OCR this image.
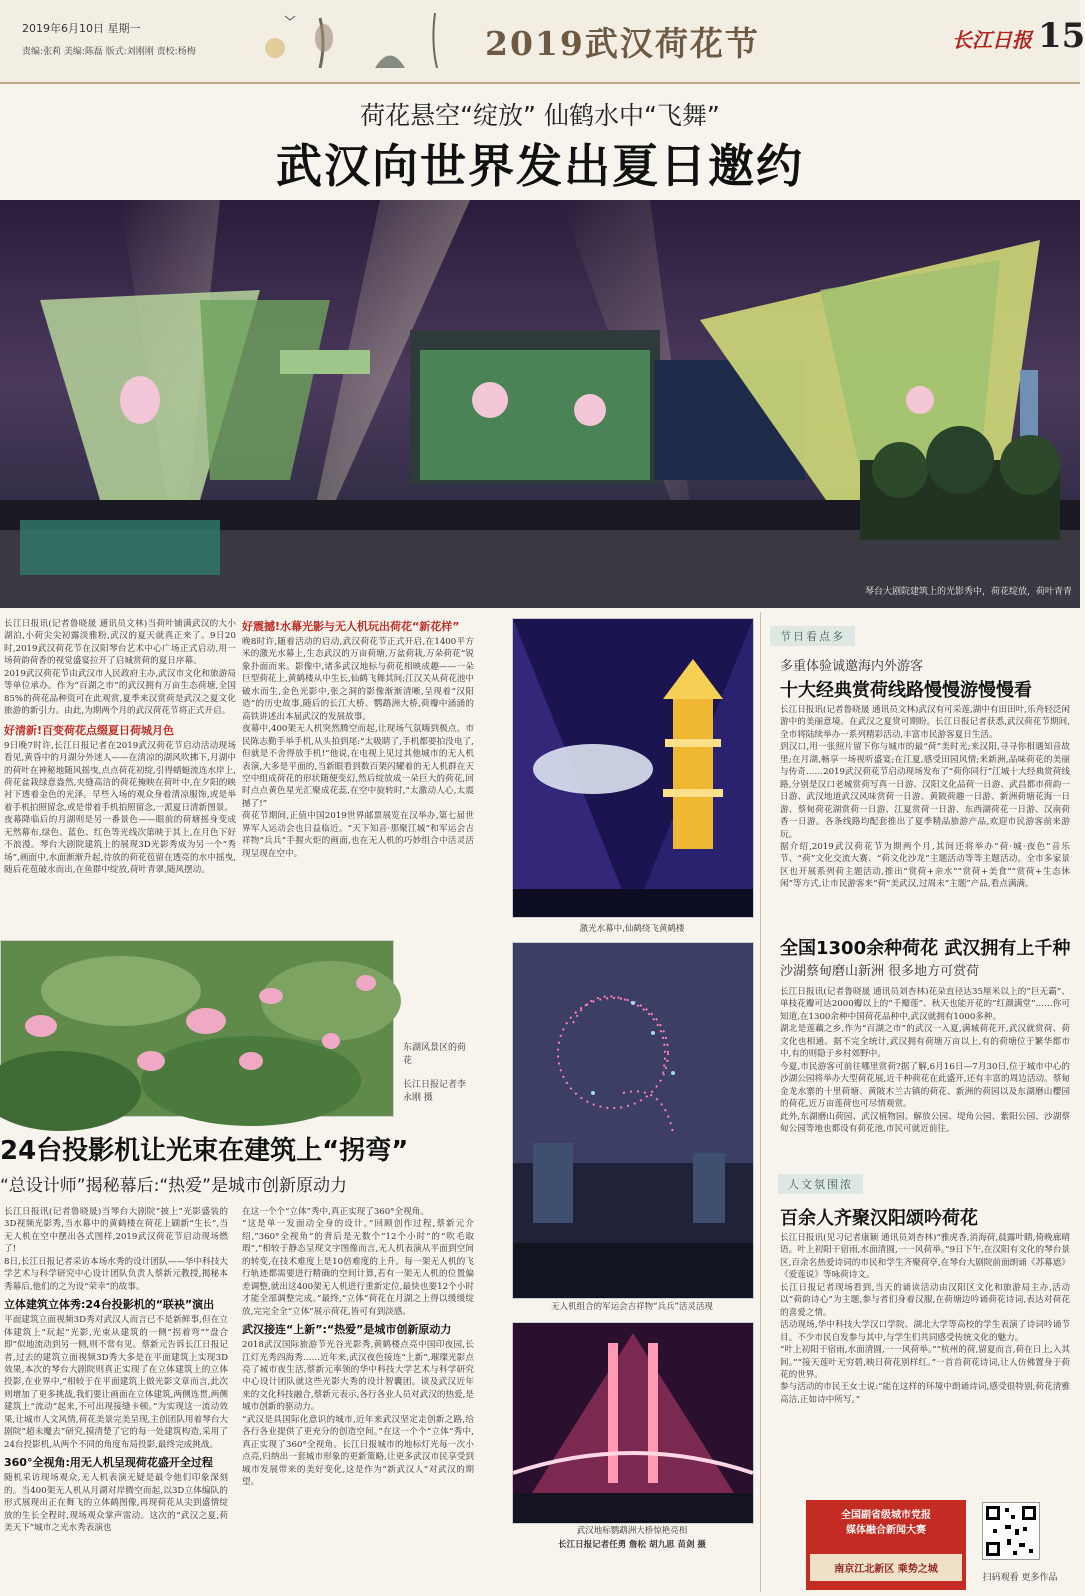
2019年6月10日 星期一
责编:张莉 美编:陈磊 版式:刘刚刚 责校:杨梅	2019武汉荷花节	长江日报 15
荷花悬空“绽放” 仙鹤水中“飞舞”
武汉向世界发出夏日邀约
琴台大剧院建筑上的光影秀中，荷花绽放，荷叶青青
长江日报讯(记者鲁晓晟 通讯员文林)当荷叶铺满武汉的大小湖泊,小荷尖尖初露淡雅粉,武汉的夏天就真正来了。9日20时,2019武汉荷花节在汉阳琴台艺术中心广场正式启动,用一场荷韵荷香的视觉盛宴拉开了启城赏荷的夏日序幕。
2019武汉荷花节由武汉市人民政府主办,武汉市文化和旅游局等单位承办。作为“百湖之市”的武汉拥有万亩生态荷塘,全国85%的荷花品种资可在此观赏,夏季来汉赏荷是武汉之夏文化旅游的新引力。由此,为期两个月的武汉荷花节将正式开启。
好清新!百变荷花点缀夏日荷城月色
9日晚7时许,长江日报记者在2019武汉荷花节启动活动现场看见,黄昏中的月湖分外迷人——在清凉的湖风吹拂下,月湖中的荷叶在神秘地随风摇曳,点点荷花初绽,引得蜻蜓流连水岸上,荷花盆栽绿意盎然,夹缝高洁的荷花掩映在荷叶中,在夕阳的映衬下透着金色的光泽。早些入场的观众身着清凉服饰,或是举着手机拍照留念,或是带着手机拍照留念,一派夏日清新图景。
夜幕降临后的月湖则是另一番景色——眼前的荷塘摇身变成无然幕布,绿色、蓝色、红色等光线次第映于其上,在月色下好不浪漫。琴台大剧院建筑上的展现3D光影秀成为另一个“秀场”,画面中,水面渐渐升起,待放的荷花苞留在透亮的水中摇曳,随后花苞破水而出,在鱼群中绽放,荷叶青翠,随风摆动。
好震撼!水幕光影与无人机玩出荷花“新花样”
晚8时许,随着活动的启动,武汉荷花节正式开启,在1400平方米的激光水幕上,生态武汉的万亩荷塘,万盆荷栽,万朵荷花“锐象扑面而来。影像中,诸多武汉地标与荷花相映成趣——一朵巨型荷花上,黄鹤楼从中生长,仙鹤飞舞其间;江汉关从荷花池中破水而生,金色光影中,张之洞的影像渐渐清晰,呈现着“汉阳造”的历史故事,随后的长江大桥、鹦鹉洲大桥,荷瓣中涌涌的高铁讲述出本届武汉的发展故事。
夜幕中,400架无人机突然腾空而起,让现场气氛嗨到极点。市民陈志勤手举手机,从头拍到尾:“太吸睛了,手机都要拍没电了,但就是不舍得放手机!”他说,在电视上见过其他城市的无人机表演,大多是平面的,当新眼看到数百架闪耀着的无人机群在天空中组成荷花的形状随便变幻,然后绽放成一朵巨大的荷花,回时点点黄色星光汇聚成花蕊,在空中旋转时,“太激动人心,太震撼了!”
荷花节期间,正值中国2019世界邮票展览在汉举办,第七届世界军人运动会也日益临近。“天下知音·那聚江城”和军运会吉祥物“兵兵”手握火炬的画面,也在无人机的巧妙组合中活灵活现呈现在空中。
东湖风景区的荷花
长江日报记者李永刚 摄
24台投影机让光束在建筑上“拐弯”
“总设计师”揭秘幕后:“热爱”是城市创新原动力
长江日报讯(记者鲁晓晟)当琴台大剧院“披上”光影盛装的3D视频光影秀,当水幕中的黄鹤楼在荷花上刷新“生长”,当无人机在空中摆出各式图样,2019武汉荷花节启动现场燃了!
8日,长江日报记者采访本场水秀的设计团队——华中科技大学艺术与科学研究中心设计团队负责人蔡新元教授,揭秘本秀幕后,他们的之为设“荣幸”的故事。
立体建筑立体秀:24台投影机的“联袂”演出
平面建筑立面视频3D秀对武汉人而言已不是新鲜事,但在立体建筑上“玩起”光影,光束从建筑的一侧“拐着弯”“盘合即”似地流动到另一侧,则不常有见。蔡新元告诉长江日报记者,过去的建筑立面视频3D秀大多是在平面建筑上实现3D效果,本次的琴台大剧院则真正实现了在立体建筑上的立体投影,在业界中,“相较于在平面建筑上做光影文章而言,此次则增加了更多挑战,我们要让画面在立体建筑,两侧连贯,两侧建筑上“流动”起来,不可出现接缝卡顿。”为实现这一流动效果,让城市人文风情,荷花美景完美呈现,主创团队用着琴台大剧院“超未魔去”研究,摸清楚了它的每一处建筑构造,采用了24台投影机,从两个不同的角度布局投影,最终完成挑战。
360°全视角:用无人机呈现荷花盛开全过程
随机采访现场观众,无人机表演无疑是最令他们印象深刻的。当400架无人机从月湖对岸腾空而起,以3D立体编队的形式展现出正在舞飞的立体鹤图像,再现荷花从尖到盛情绽放的生长全程时,现场观众掌声雷动。这次的“武汉之夏,荷美天下”城市之光水秀表演也
在这一个个“立体”秀中,真正实现了360°全视角。
“这是单一发面动全身的设计。”回顾创作过程,蔡新元介绍,“360°全视角”的背后是无数个“12个小时”的“吹毛取瑕”,“相较于静态呈现文字图像而言,无人机表演从平面到空间的转变,在技术难度上是10倍难度的上升。每一架无人机的飞行轨迹都需要进行精确的空间计算,若有一架无人机的位置偏差调整,就出这400架无人机进行重新定位,最快也要12个小时才能全部调整完成。”最终,“立体”荷花在月湖之上得以缓缓绽放,完完全全“立体”展示荷花,皆可有到淡感。
武汉接连“上新”:“热爱”是城市创新原动力
2018武汉国际旅游节光谷光影秀,黄鹤楼点亮中国印夜园,长江灯光秀四海秀……近年来,武汉夜色接连“上新”,璀璨光影点亮了城市夜生活,蔡新元率领的华中科技大学艺术与科学研究中心设计团队就这些光影大秀的设计智囊团。谈及武汉近年来的文化科技融合,蔡新元表示,各行各业人员对武汉的热爱,是城市创新的驱动力。
“武汉是具国际化意识的城市,近年来武汉坚定走创新之路,给各行各业提供了更充分的创造空间。”在这一个个“立体”秀中,真正实现了360°全视角。长江日报城市的地标灯光每一次小点亮,归纳出一套城市形象的更新策略,让更多武汉市民享受到城市发展带来的美好变化,这是作为“新武汉人”对武汉的期望。
激光水幕中,仙鹤绕飞黄鹤楼
无人机组合的军运会吉祥物“兵兵”活灵活现
武汉地标鹦鹉洲大桥惊艳亮相
长江日报记者任勇 詹松 胡九思 苗剑 摄
节日看点多
多重体验诚邀海内外游客
十大经典赏荷线路慢慢游慢慢看
长江日报讯(记者鲁晓晟 通讯员文林)武汉有可采莲,湖中有田田叶,乐舟轻泛闲游中的美丽意境。在武汉之夏赏可期盼。长江日报记者获悉,武汉荷花节期间,全市将陆续举办一系列精彩活动,丰富市民游客夏日生活。
到汉口,用一张照片留下你与城市的最“荷”美时光;来汉阳,寻寻你相遇知音故里;在月湖,畅享一场视听盛宴;在江夏,感受田园风情;来新洲,品味荷花的美丽与传奇……2019武汉荷花节启动现场发布了“荷你同行”江城十大经典赏荷线路,分别是汉口老城赏荷写真一日游、汉阳文化品荷一日游、武昌都市荷韵一日游、武汉地道武汉风味赏荷一日游、黄陂荷趣一日游、新洲荷塘花海一日游、蔡甸荷花湖赏荷一日游、江夏赏荷一日游、东西湖荷花一日游、汉南荷香一日游。各条线路均配套推出了夏季精品旅游产品,欢迎市民游客前来游玩。
据介绍,2019武汉荷花节为期两个月,其间还将举办“荷·城·夜色”音乐节、“荷”文化交流大赛、“荷文化沙龙”主题活动等等主题活动。全市多家景区也开展系列荷主题活动,推出“赏荷+亲水”“赏荷+美食”“赏荷+生态休闲”等方式,让市民游客来“荷”美武汉,过周末“主题”产品,看点满满。
全国1300余种荷花 武汉拥有上千种
沙湖蔡甸磨山新洲 很多地方可赏荷
长江日报讯(记者鲁晓晟 通讯员刘杏林)花朵直径达35厘米以上的“巨无霸”、单枝花瓣可达2000瓣以上的“千瓣莲”、秋天也能开花的“红颜满堂”……你可知道,在1300余种中国荷花品种中,武汉就拥有1000多种。
湖北是莲藕之乡,作为“百湖之市”的武汉一入夏,满城荷花开,武汉就赏荷、荷文化也相通。据不完全统计,武汉拥有荷塘万亩以上,有的荷塘位于繁华都市中,有的则隐于乡村郊野中。
今夏,市民游客可前往哪里赏荷?据了解,6月16日—7月30日,位于城市中心的沙湖公园将举办大型荷花展,近千种荷花在此盛开,还有丰富的周边活动。蔡甸金龙水寨的十里荷塘、黄陂木兰古镇的荷花、新洲的荷园以及东湖磨山樱园的荷花,近万亩莲荷也可尽情观赏。
此外,东湖磨山荷园、武汉植物园、解放公园、堤角公园、紫阳公园、沙湖蔡甸公园等地也都设有荷花池,市民可就近前往。
人文氛围浓
百余人齐聚汉阳颂吟荷花
长江日报讯(见习记者康颖 通讯员刘杏林)“雅虎香,消海荷,晨露叶睛,倚晚廊晴语。叶上初阳干宿雨,水面清圆,一一风荷举。”9日下午,在汉阳有文化的琴台景区,百余名热爱诗词的市民和学生齐聚荷亭,在琴台大剧院前面朗诵《苏幕遮》《爱莲说》等咏荷诗文。
长江日报记者现场看到,当天的诵读活动由汉阳区文化和旅游局主办,活动以“荷韵诗心”为主题,参与者们身着汉服,在荷塘边吟诵荷花诗词,表达对荷花的喜爱之情。
活动现场,华中科技大学汉口学院、湖北大学等高校的学生表演了诗词吟诵节目。不少市民自发参与其中,与学生们共同感受传统文化的魅力。
“叶上初阳干宿雨,水面清圆,一一风荷举。”“杭州的荷,留夏而言,荷在日上,入其间。”“接天莲叶无穷碧,映日荷花别样红。”一首首荷花诗词,让人仿佛置身于荷花的世界。
参与活动的市民王女士说:“能在这样的环境中朗诵诗词,感受很特别,荷花清雅高洁,正如诗中所写。”
全国副省级城市党报
媒体融合新闻大赛
南京江北新区 乘势之城
扫码观看 更多作品
